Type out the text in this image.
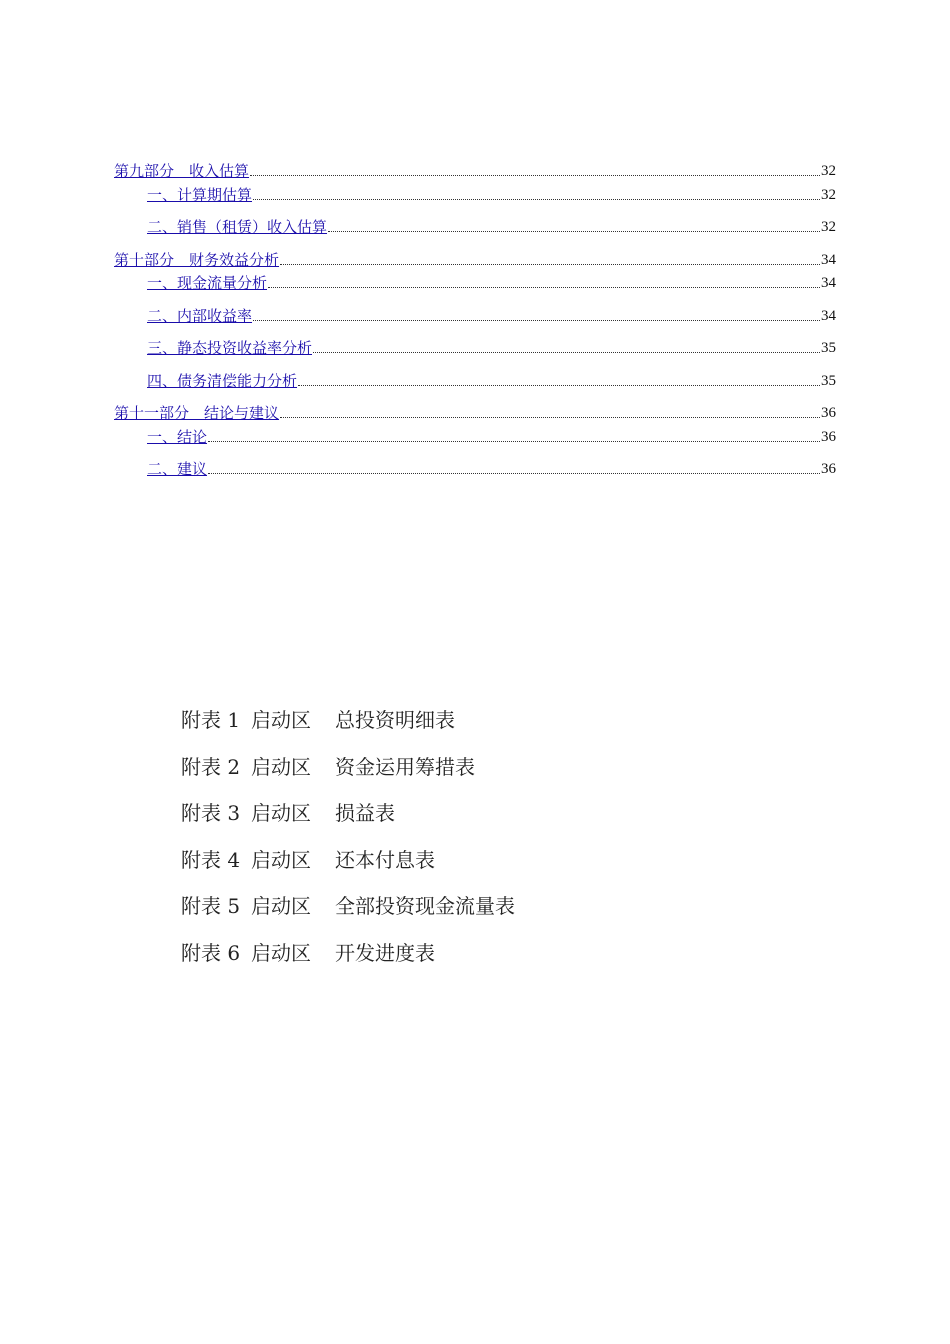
第九部分　收入估算	32
一、计算期估算	32
二、销售（租赁）收入估算	32
第十部分　财务效益分析	34
一、现金流量分析	34
二、内部收益率	34
三、静态投资收益率分析	35
四、债务清偿能力分析	35
第十一部分　结论与建议	36
一、结论	36
二、建议	36
附表 1 启动区 总投资明细表
附表 2 启动区 资金运用筹措表
附表 3 启动区 损益表
附表 4 启动区 还本付息表
附表 5 启动区 全部投资现金流量表
附表 6 启动区 开发进度表
